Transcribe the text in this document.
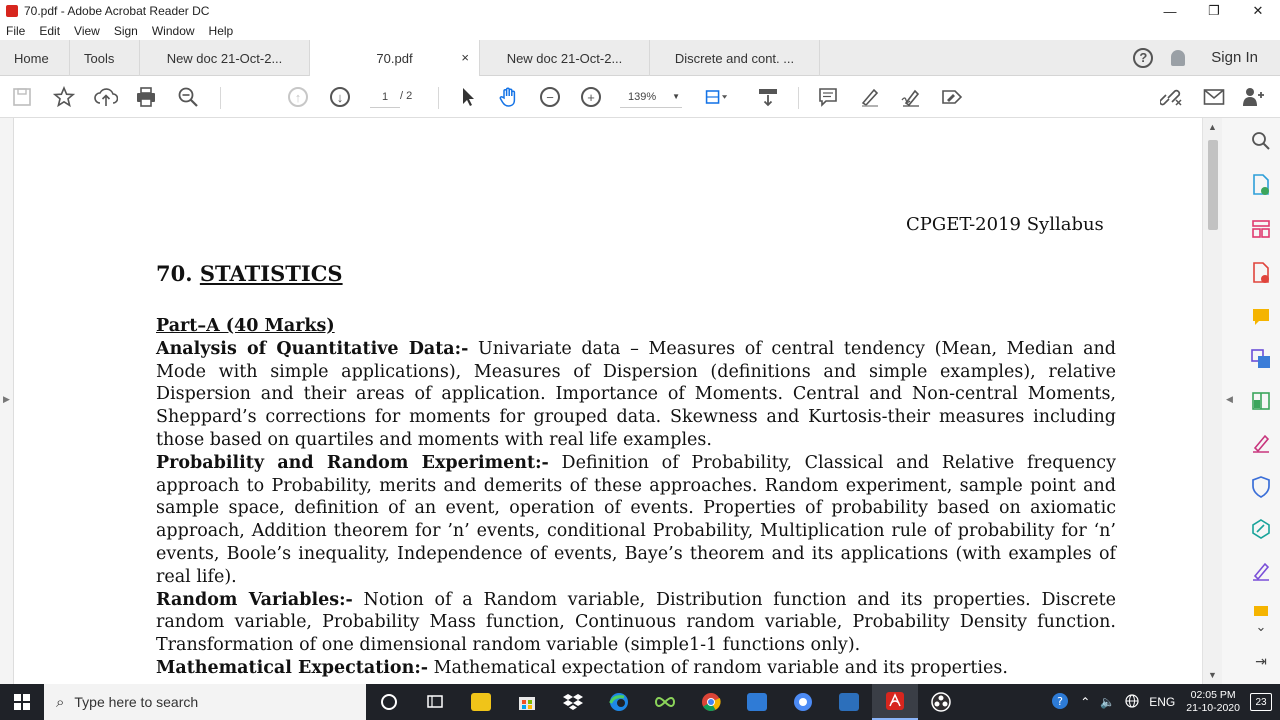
70.pdf - Adobe Acrobat Reader DC	—	❐	✕
File Edit View Sign Window Help
Home	Tools	New doc 21-Oct-2...	70.pdf	×	New doc 21-Oct-2...	Discrete and cont. ...	?	Sign In
↑	↓	1	/ 2	−	+	139% ▼
▶
CPGET-2019 Syllabus
70. STATISTICS
Part–A (40 Marks)
Analysis of Quantitative Data:- Univariate data – Measures of central tendency (Mean, Median and Mode with simple applications), Measures of Dispersion (definitions and simple examples), relative Dispersion and their areas of application. Importance of Moments. Central and Non-central Moments, Sheppard’s corrections for moments for grouped data. Skewness and Kurtosis-their measures including those based on quartiles and moments with real life examples.
Probability and Random Experiment:- Definition of Probability, Classical and Relative frequency approach to Probability, merits and demerits of these approaches. Random experiment, sample point and sample space, definition of an event, operation of events. Properties of probability based on axiomatic approach, Addition theorem for ’n’ events, conditional Probability, Multiplication rule of probability for ‘n’ events, Boole’s inequality, Independence of events, Baye’s theorem and its applications (with examples of real life).
Random Variables:- Notion of a Random variable, Distribution function and its properties. Discrete random variable, Probability Mass function, Continuous random variable, Probability Density function. Transformation of one dimensional random variable (simple1-1 functions only).
Mathematical Expectation:- Mathematical expectation of random variable and its properties.
▲
▼
◀
⌄
⇥
⌕ Type here to search	? ⌃ 🔈	ENG	02:05 PM
21-10-2020	23
